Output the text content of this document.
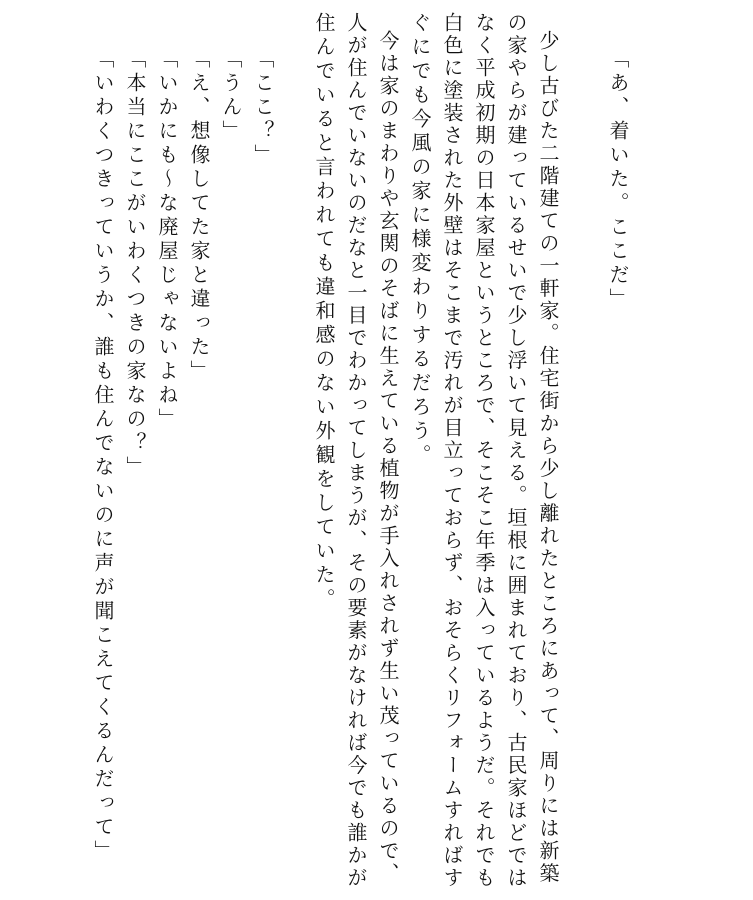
「あ、着いた。ここだ」

少し古びた二階建ての一軒家。住宅街から少し離れたところにあって、周りには新築

の家やらが建っているせいで少し浮いて見える。垣根に囲まれており、古民家ほどでは

なく平成初期の日本家屋というところで、そこそこ年季は入っているようだ。それでも

白色に塗装された外壁はそこまで汚れが目立っておらず、おそらくリフォームすればす

ぐにでも今風の家に様変わりするだろう。

今は家のまわりや玄関のそばに生えている植物が手入れされず生い茂っているので、

人が住んでいないのだなと一目でわかってしまうが、その要素がなければ今でも誰かが

住んでいると言われても違和感のない外観をしていた。

「ここ？」

「うん」

「え、想像してた家と違った」

「いかにも～な廃屋じゃないよね」

「本当にここがいわくつきの家なの？」

「いわくつきっていうか、誰も住んでないのに声が聞こえてくるんだって」
